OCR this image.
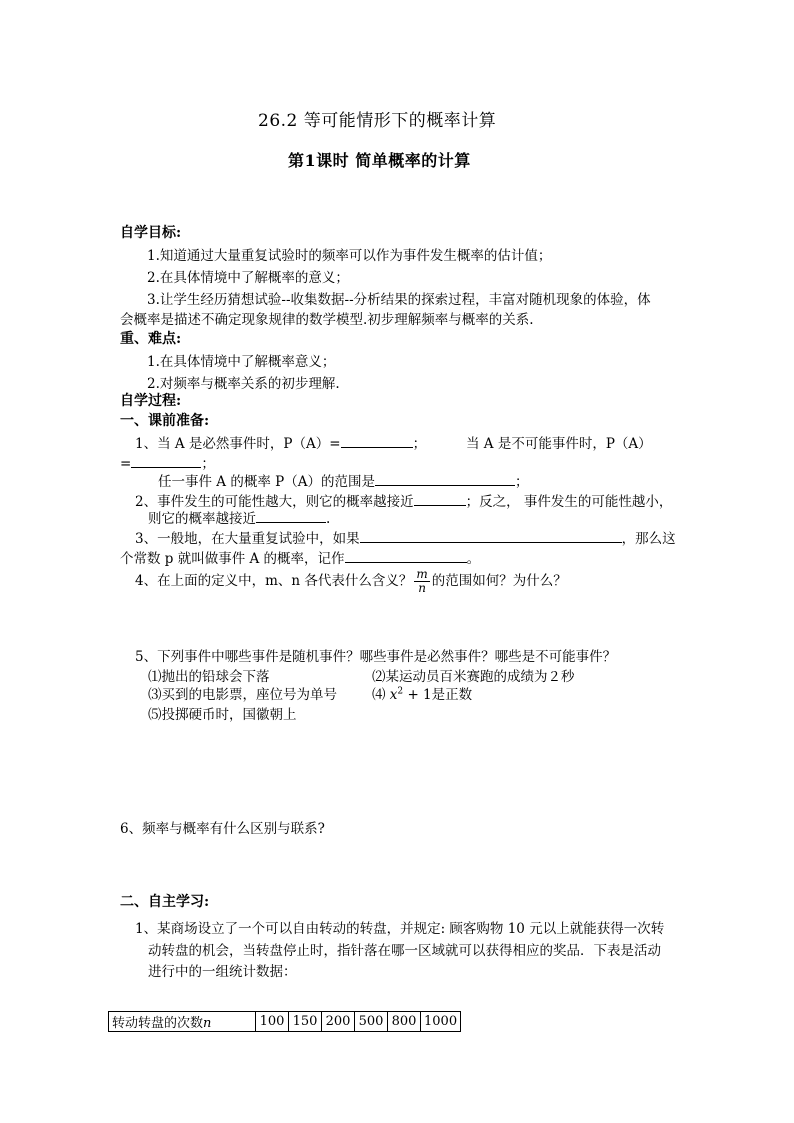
26.2 等可能情形下的概率计算
第1课时 简单概率的计算
自学目标:
1.知道通过大量重复试验时的频率可以作为事件发生概率的估计值；
2.在具体情境中了解概率的意义；
3.让学生经历猜想试验--收集数据--分析结果的探索过程，丰富对随机现象的体验，体
会概率是描述不确定现象规律的数学模型.初步理解频率与概率的关系.
重、难点:
1.在具体情境中了解概率意义；
2.对频率与概率关系的初步理解.
自学过程:
一、课前准备:
1、当 A 是必然事件时，P（A）=	；	当 A 是不可能事件时，P（A）
=	；
任一事件 A 的概率 P（A）的范围是	；
2、事件发生的可能性越大，则它的概率越接近	；反之， 事件发生的可能性越小，
则它的概率越接近	.
3、一般地，在大量重复试验中，如果	，那么这
个常数 p 就叫做事件 A 的概率，记作	。
4、在上面的定义中，m、n 各代表什么含义？ $\frac{m}{n}$ 的范围如何？为什么？
5、下列事件中哪些事件是随机事件？哪些事件是必然事件？哪些是不可能事件？
⑴抛出的铅球会下落	⑵某运动员百米赛跑的成绩为２秒
⑶买到的电影票，座位号为单号	⑷ $x^2 + 1$是正数
⑸投掷硬币时，国徽朝上
6、频率与概率有什么区别与联系?
二、自主学习:
1、某商场设立了一个可以自由转动的转盘，并规定: 顾客购物 10 元以上就能获得一次转
动转盘的机会，当转盘停止时，指针落在哪一区域就可以获得相应的奖品．下表是活动
进行中的一组统计数据：
转动转盘的次数n	100	150	200	500	800	1000
